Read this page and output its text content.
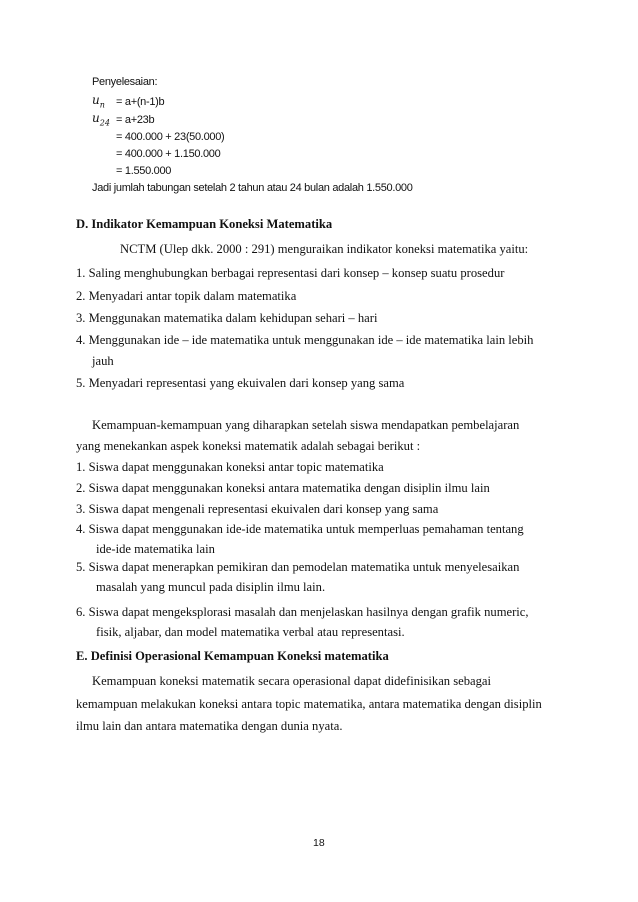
Penyelesaian:
$u_n = a+(n-1)b$
$u_{24} = a+23b$
= 400.000 + 23(50.000)
= 400.000 + 1.150.000
= 1.550.000
Jadi jumlah tabungan setelah 2 tahun atau 24 bulan adalah 1.550.000
D. Indikator Kemampuan Koneksi Matematika
NCTM (Ulep dkk. 2000 : 291) menguraikan indikator koneksi matematika yaitu:
1. Saling menghubungkan berbagai representasi dari konsep – konsep suatu prosedur
2. Menyadari antar topik dalam matematika
3. Menggunakan matematika dalam kehidupan sehari – hari
4. Menggunakan ide – ide matematika untuk menggunakan ide – ide matematika lain lebih
jauh
5. Menyadari representasi yang ekuivalen dari konsep yang sama
Kemampuan-kemampuan yang diharapkan setelah siswa mendapatkan pembelajaran
yang menekankan aspek koneksi matematik adalah sebagai berikut :
1. Siswa dapat menggunakan koneksi antar topic matematika
2. Siswa dapat menggunakan koneksi antara matematika dengan disiplin ilmu lain
3. Siswa dapat mengenali representasi ekuivalen dari konsep yang sama
4. Siswa dapat menggunakan ide-ide matematika untuk memperluas pemahaman tentang
ide-ide matematika lain
5. Siswa dapat menerapkan pemikiran dan pemodelan matematika untuk menyelesaikan
masalah yang muncul pada disiplin ilmu lain.
6. Siswa dapat mengeksplorasi masalah dan menjelaskan hasilnya dengan grafik numeric,
fisik, aljabar, dan model matematika verbal atau representasi.
E. Definisi Operasional Kemampuan Koneksi matematika
Kemampuan koneksi matematik secara operasional dapat didefinisikan sebagai
kemampuan melakukan koneksi antara topic matematika, antara matematika dengan disiplin
ilmu lain dan antara matematika dengan dunia nyata.
18
